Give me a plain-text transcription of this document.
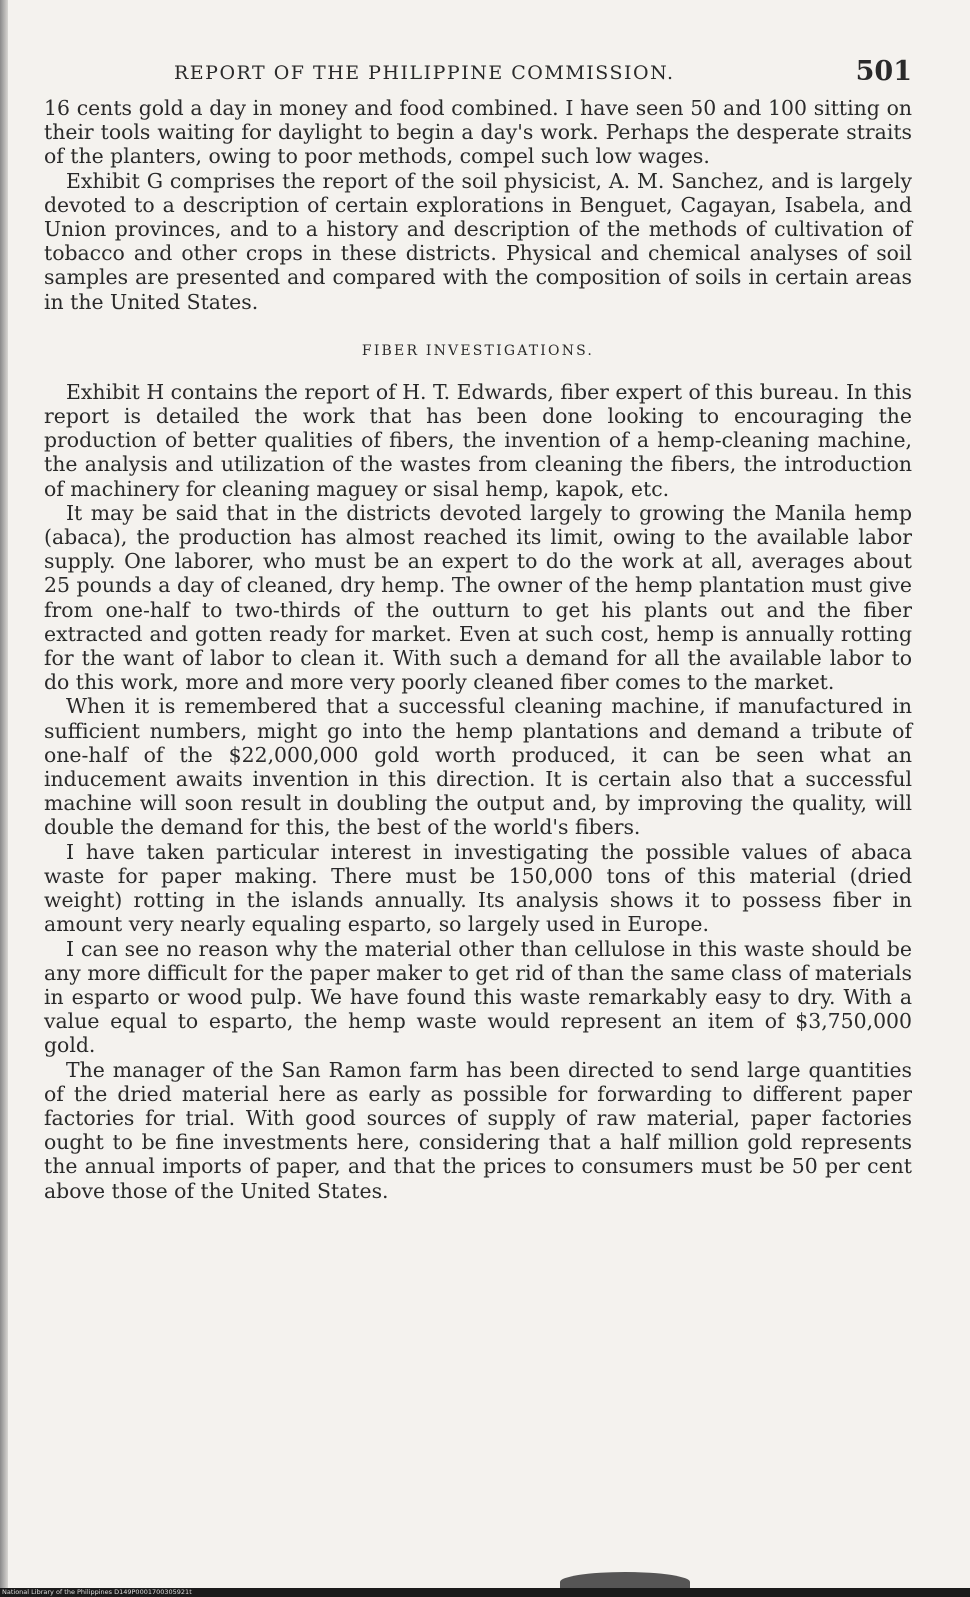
REPORT OF THE PHILIPPINE COMMISSION.	501

16 cents gold a day in money and food combined. I have seen 50 and 100 sitting on their tools waiting for daylight to begin a day's work. Perhaps the desperate straits of the planters, owing to poor methods, compel such low wages.

Exhibit G comprises the report of the soil physicist, A. M. Sanchez, and is largely devoted to a description of certain explorations in Benguet, Cagayan, Isabela, and Union provinces, and to a history and description of the methods of cultivation of tobacco and other crops in these districts. Physical and chemical analyses of soil samples are presented and compared with the composition of soils in certain areas in the United States.

FIBER INVESTIGATIONS.

Exhibit H contains the report of H. T. Edwards, fiber expert of this bureau. In this report is detailed the work that has been done looking to encouraging the production of better qualities of fibers, the invention of a hemp-cleaning machine, the analysis and utilization of the wastes from cleaning the fibers, the introduction of machinery for cleaning maguey or sisal hemp, kapok, etc.

It may be said that in the districts devoted largely to growing the Manila hemp (abaca), the production has almost reached its limit, owing to the available labor supply. One laborer, who must be an expert to do the work at all, averages about 25 pounds a day of cleaned, dry hemp. The owner of the hemp plantation must give from one-half to two-thirds of the outturn to get his plants out and the fiber extracted and gotten ready for market. Even at such cost, hemp is annually rotting for the want of labor to clean it. With such a demand for all the available labor to do this work, more and more very poorly cleaned fiber comes to the market.

When it is remembered that a successful cleaning machine, if manufactured in sufficient numbers, might go into the hemp plantations and demand a tribute of one-half of the $22,000,000 gold worth produced, it can be seen what an inducement awaits invention in this direction. It is certain also that a successful machine will soon result in doubling the output and, by improving the quality, will double the demand for this, the best of the world's fibers.

I have taken particular interest in investigating the possible values of abaca waste for paper making. There must be 150,000 tons of this material (dried weight) rotting in the islands annually. Its analysis shows it to possess fiber in amount very nearly equaling esparto, so largely used in Europe.

I can see no reason why the material other than cellulose in this waste should be any more difficult for the paper maker to get rid of than the same class of materials in esparto or wood pulp. We have found this waste remarkably easy to dry. With a value equal to esparto, the hemp waste would represent an item of $3,750,000 gold.

The manager of the San Ramon farm has been directed to send large quantities of the dried material here as early as possible for forwarding to different paper factories for trial. With good sources of supply of raw material, paper factories ought to be fine investments here, considering that a half million gold represents the annual imports of paper, and that the prices to consumers must be 50 per cent above those of the United States.

National Library of the Philippines D149P0001700305921t
